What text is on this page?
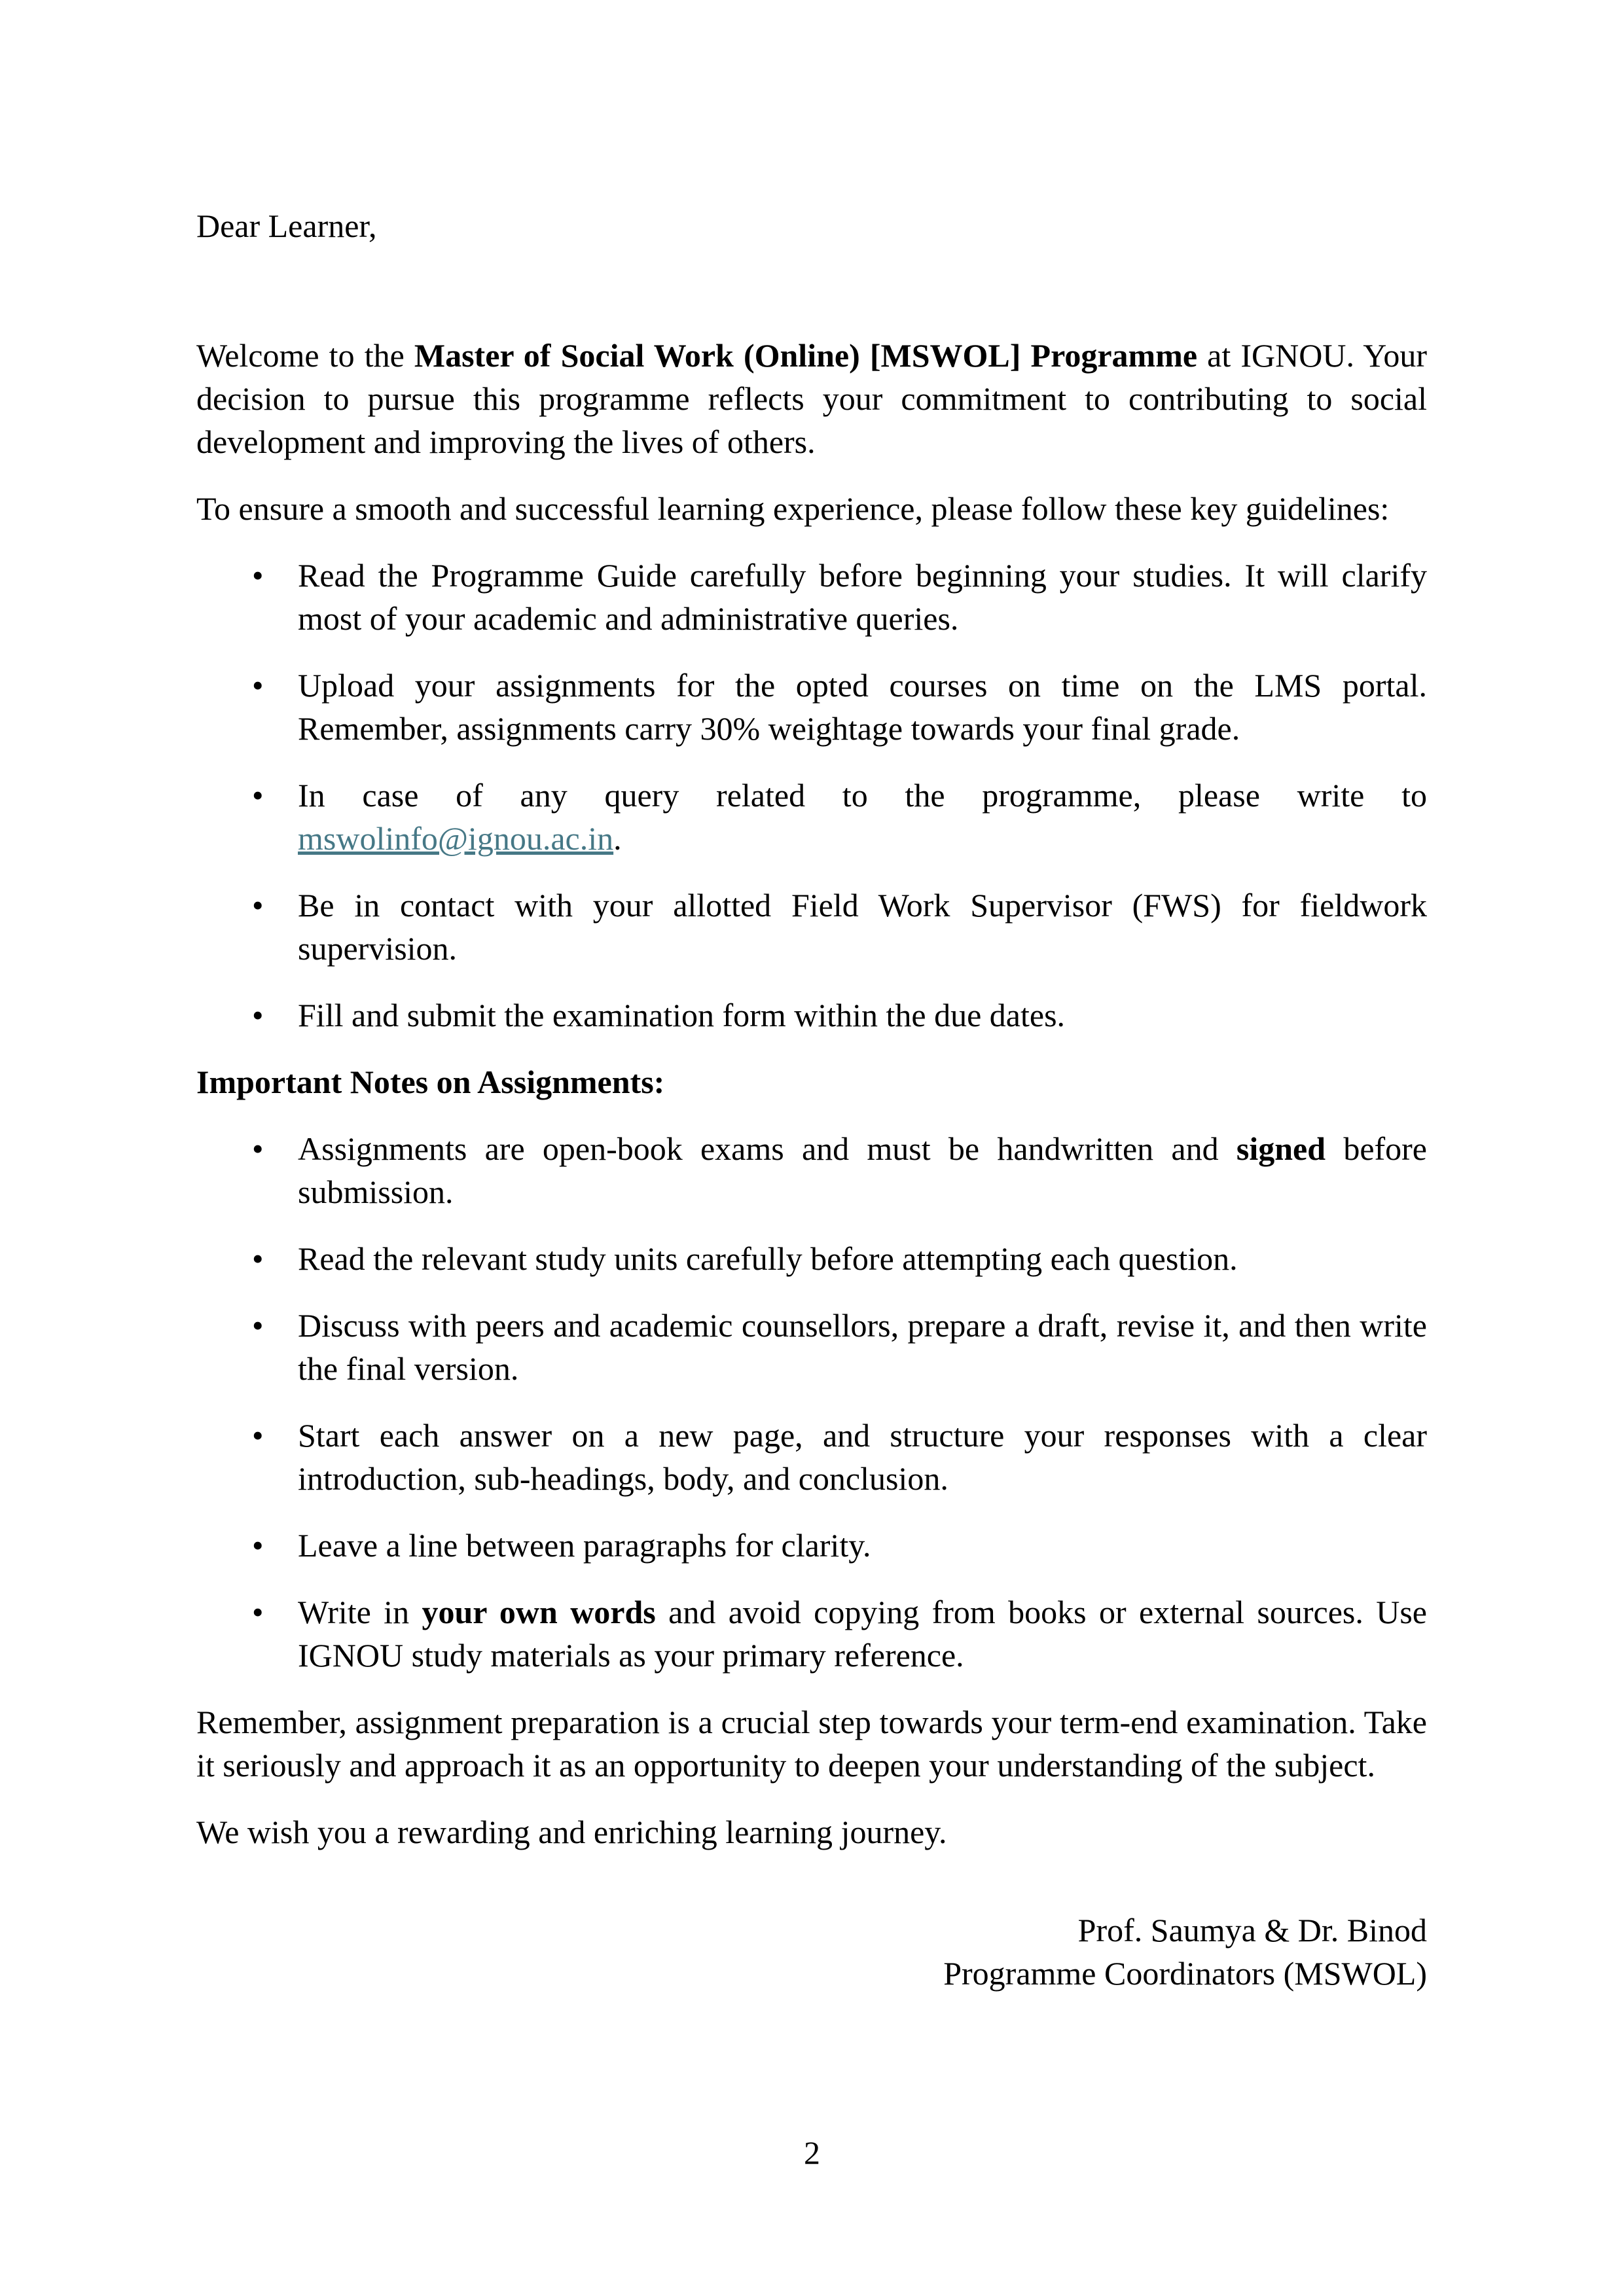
Dear Learner,

Welcome to the Master of Social Work (Online) [MSWOL] Programme at IGNOU. Your decision to pursue this programme reflects your commitment to contributing to social development and improving the lives of others.

To ensure a smooth and successful learning experience, please follow these key guidelines:

• Read the Programme Guide carefully before beginning your studies. It will clarify most of your academic and administrative queries.
• Upload your assignments for the opted courses on time on the LMS portal. Remember, assignments carry 30% weightage towards your final grade.
• In case of any query related to the programme, please write to mswolinfo@ignou.ac.in.
• Be in contact with your allotted Field Work Supervisor (FWS) for fieldwork supervision.
• Fill and submit the examination form within the due dates.

Important Notes on Assignments:

• Assignments are open-book exams and must be handwritten and signed before submission.
• Read the relevant study units carefully before attempting each question.
• Discuss with peers and academic counsellors, prepare a draft, revise it, and then write the final version.
• Start each answer on a new page, and structure your responses with a clear introduction, sub-headings, body, and conclusion.
• Leave a line between paragraphs for clarity.
• Write in your own words and avoid copying from books or external sources. Use IGNOU study materials as your primary reference.

Remember, assignment preparation is a crucial step towards your term-end examination. Take it seriously and approach it as an opportunity to deepen your understanding of the subject.

We wish you a rewarding and enriching learning journey.

Prof. Saumya & Dr. Binod
Programme Coordinators (MSWOL)
2
